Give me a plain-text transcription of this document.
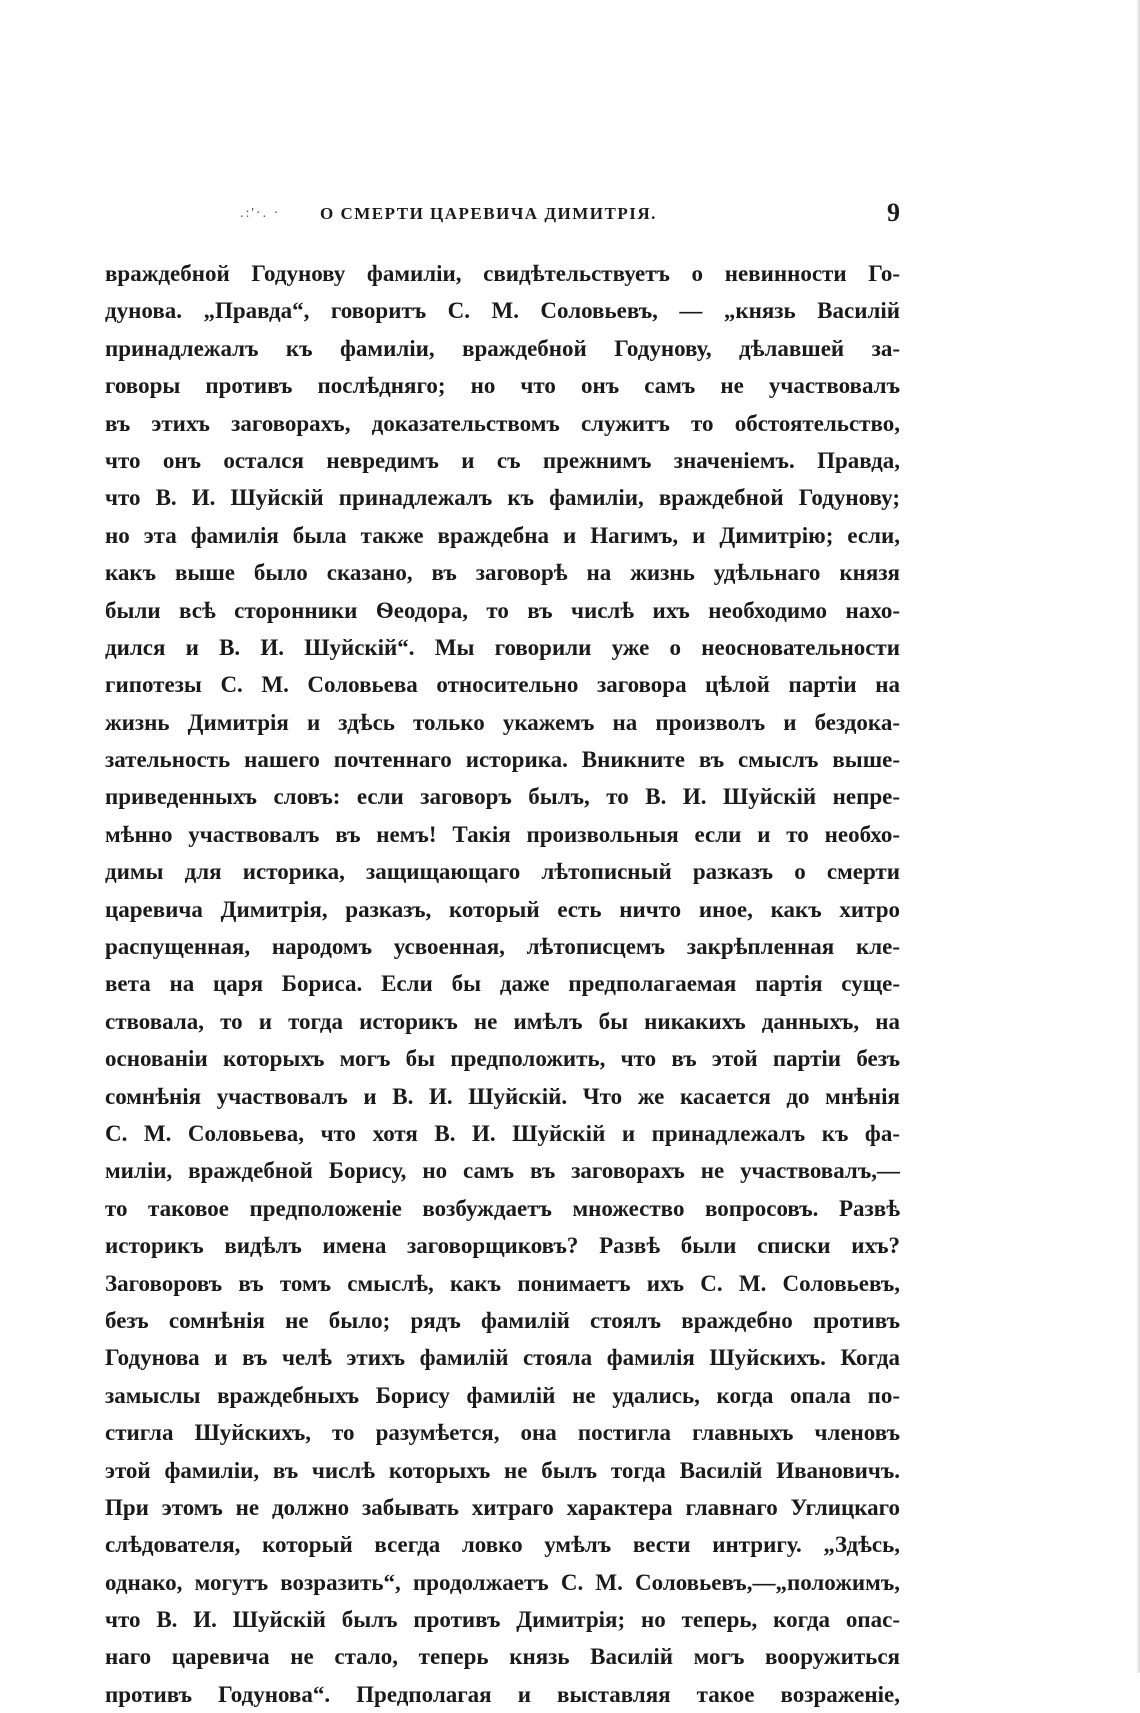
.:'·. · О СМЕРТИ ЦАРЕВИЧА ДИМИТРІЯ.	9
враждебной Годунову фамиліи, свидѣтельствуетъ о невинности Го-
дунова. „Правда“, говоритъ С. М. Соловьевъ, — „князь Василій
принадлежалъ къ фамиліи, враждебной Годунову, дѣлавшей за-
говоры противъ послѣдняго; но что онъ самъ не участвовалъ
въ этихъ заговорахъ, доказательствомъ служитъ то обстоятельство,
что онъ остался невредимъ и съ прежнимъ значеніемъ. Правда,
что В. И. Шуйскій принадлежалъ къ фамиліи, враждебной Годунову;
но эта фамилія была также враждебна и Нагимъ, и Димитрію; если,
какъ выше было сказано, въ заговорѣ на жизнь удѣльнаго князя
были всѣ сторонники Ѳеодора, то въ числѣ ихъ необходимо нахо-
дился и В. И. Шуйскій“. Мы говорили уже о неосновательности
гипотезы С. М. Соловьева относительно заговора цѣлой партіи на
жизнь Димитрія и здѣсь только укажемъ на произволъ и бездока-
зательность нашего почтеннаго историка. Вникните въ смыслъ выше-
приведенныхъ словъ: если заговоръ былъ, то В. И. Шуйскій непре-
мѣнно участвовалъ въ немъ! Такія произвольныя если и то необхо-
димы для историка, защищающаго лѣтописный разказъ о смерти
царевича Димитрія, разказъ, который есть ничто иное, какъ хитро
распущенная, народомъ усвоенная, лѣтописцемъ закрѣпленная кле-
вета на царя Бориса. Если бы даже предполагаемая партія суще-
ствовала, то и тогда историкъ не имѣлъ бы никакихъ данныхъ, на
основаніи которыхъ могъ бы предположить, что въ этой партіи безъ
сомнѣнія участвовалъ и В. И. Шуйскій. Что же касается до мнѣнія
С. М. Соловьева, что хотя В. И. Шуйскій и принадлежалъ къ фа-
миліи, враждебной Борису, но самъ въ заговорахъ не участвовалъ,—
то таковое предположеніе возбуждаетъ множество вопросовъ. Развѣ
историкъ видѣлъ имена заговорщиковъ? Развѣ были списки ихъ?
Заговоровъ въ томъ смыслѣ, какъ понимаетъ ихъ С. М. Соловьевъ,
безъ сомнѣнія не было; рядъ фамилій стоялъ враждебно противъ
Годунова и въ челѣ этихъ фамилій стояла фамилія Шуйскихъ. Когда
замыслы враждебныхъ Борису фамилій не удались, когда опала по-
стигла Шуйскихъ, то разумѣется, она постигла главныхъ членовъ
этой фамиліи, въ числѣ которыхъ не былъ тогда Василій Ивановичъ.
При этомъ не должно забывать хитраго характера главнаго Углицкаго
слѣдователя, который всегда ловко умѣлъ вести интригу. „Здѣсь,
однако, могутъ возразить“, продолжаетъ С. М. Соловьевъ,—„положимъ,
что В. И. Шуйскій былъ противъ Димитрія; но теперь, когда опас-
наго царевича не стало, теперь князь Василій могъ вооружиться
противъ Годунова“. Предполагая и выставляя такое возраженіе,
